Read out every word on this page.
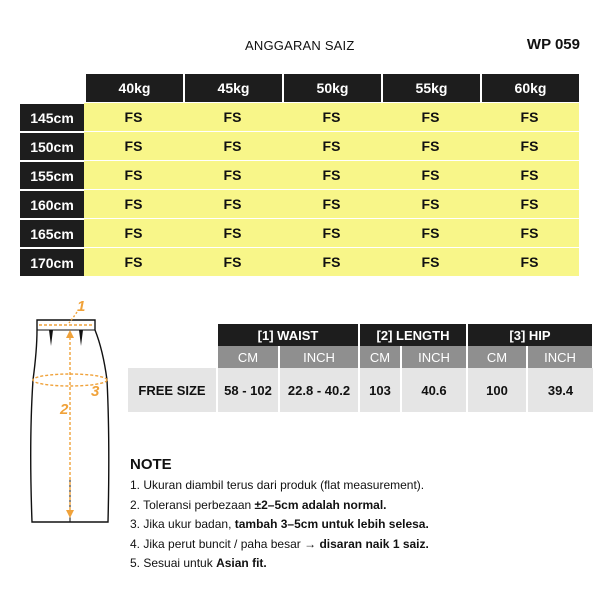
ANGGARAN SAIZ	WP 059
	40kg	45kg	50kg	55kg	60kg
145cm	FS	FS	FS	FS	FS
150cm	FS	FS	FS	FS	FS
155cm	FS	FS	FS	FS	FS
160cm	FS	FS	FS	FS	FS
165cm	FS	FS	FS	FS	FS
170cm	FS	FS	FS	FS	FS
1
3
2
	[1] WAIST		[2] LENGTH		[3] HIP	
	CM	INCH	CM	INCH	CM	INCH
FREE SIZE	58 - 102	22.8 - 40.2	103	40.6	100	39.4
NOTE
1. Ukuran diambil terus dari produk (flat measurement).
2. Toleransi perbezaan ±2–5cm adalah normal.
3. Jika ukur badan, tambah 3–5cm untuk lebih selesa.
4. Jika perut buncit / paha besar → disaran naik 1 saiz.
5. Sesuai untuk Asian fit.
